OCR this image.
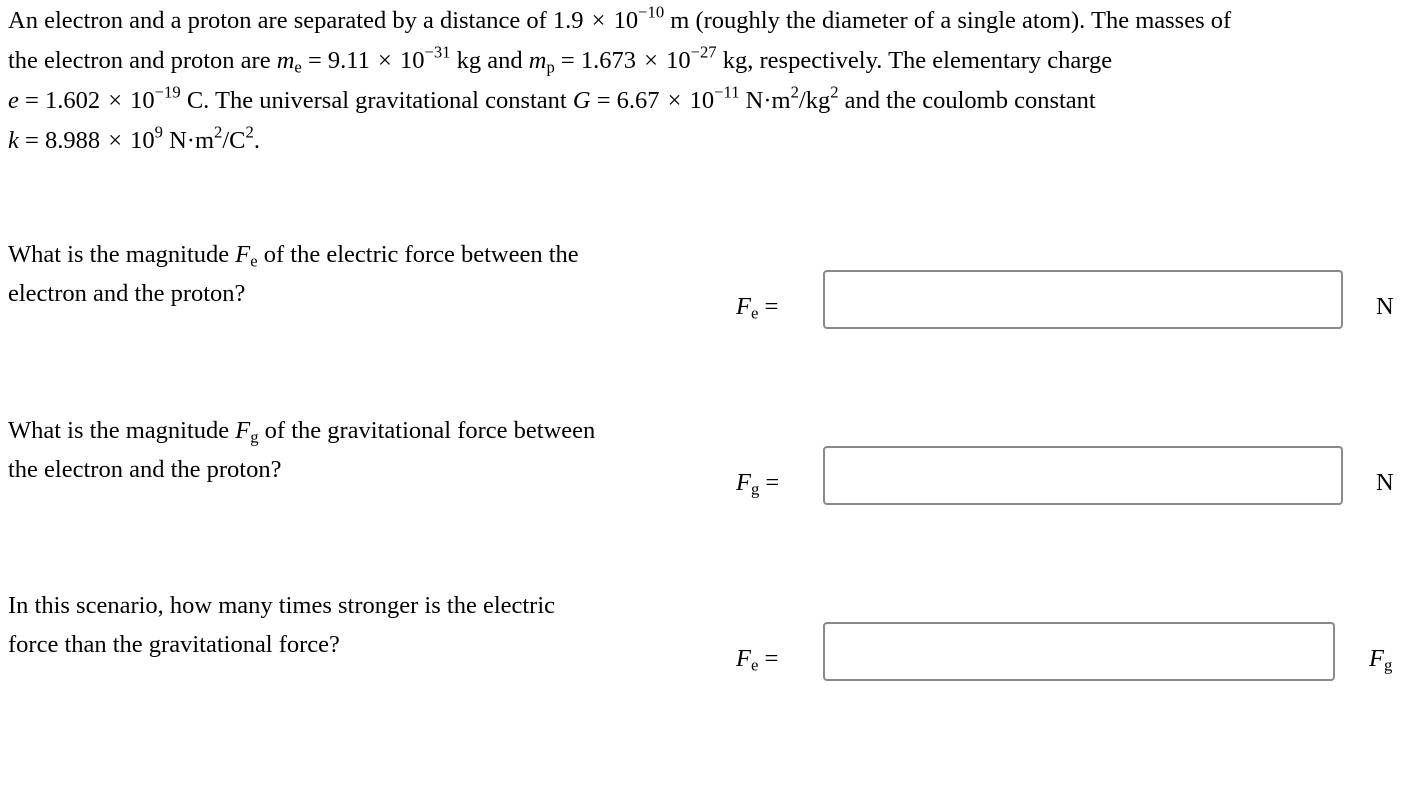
An electron and a proton are separated by a distance of $1.9 \times 10^{-10}$ m (roughly the diameter of a single atom). The masses of
the electron and proton are $m_e = 9.11 \times 10^{-31}$ kg and $m_p = 1.673 \times 10^{-27}$ kg, respectively. The elementary charge
$e = 1.602 \times 10^{-19}$ C. The universal gravitational constant $G = 6.67 \times 10^{-11}$ $N\cdot m^2/kg^2$ and the coulomb constant
$k = 8.988 \times 10^9$ $N\cdot m^2/C^2$.
What is the magnitude $F_e$ of the electric force between the
electron and the proton?	$F_e$ =	N
What is the magnitude $F_g$ of the gravitational force between
the electron and the proton?	$F_g$ =	N
In this scenario, how many times stronger is the electric
force than the gravitational force?
$F_e$ =	$F_g$
